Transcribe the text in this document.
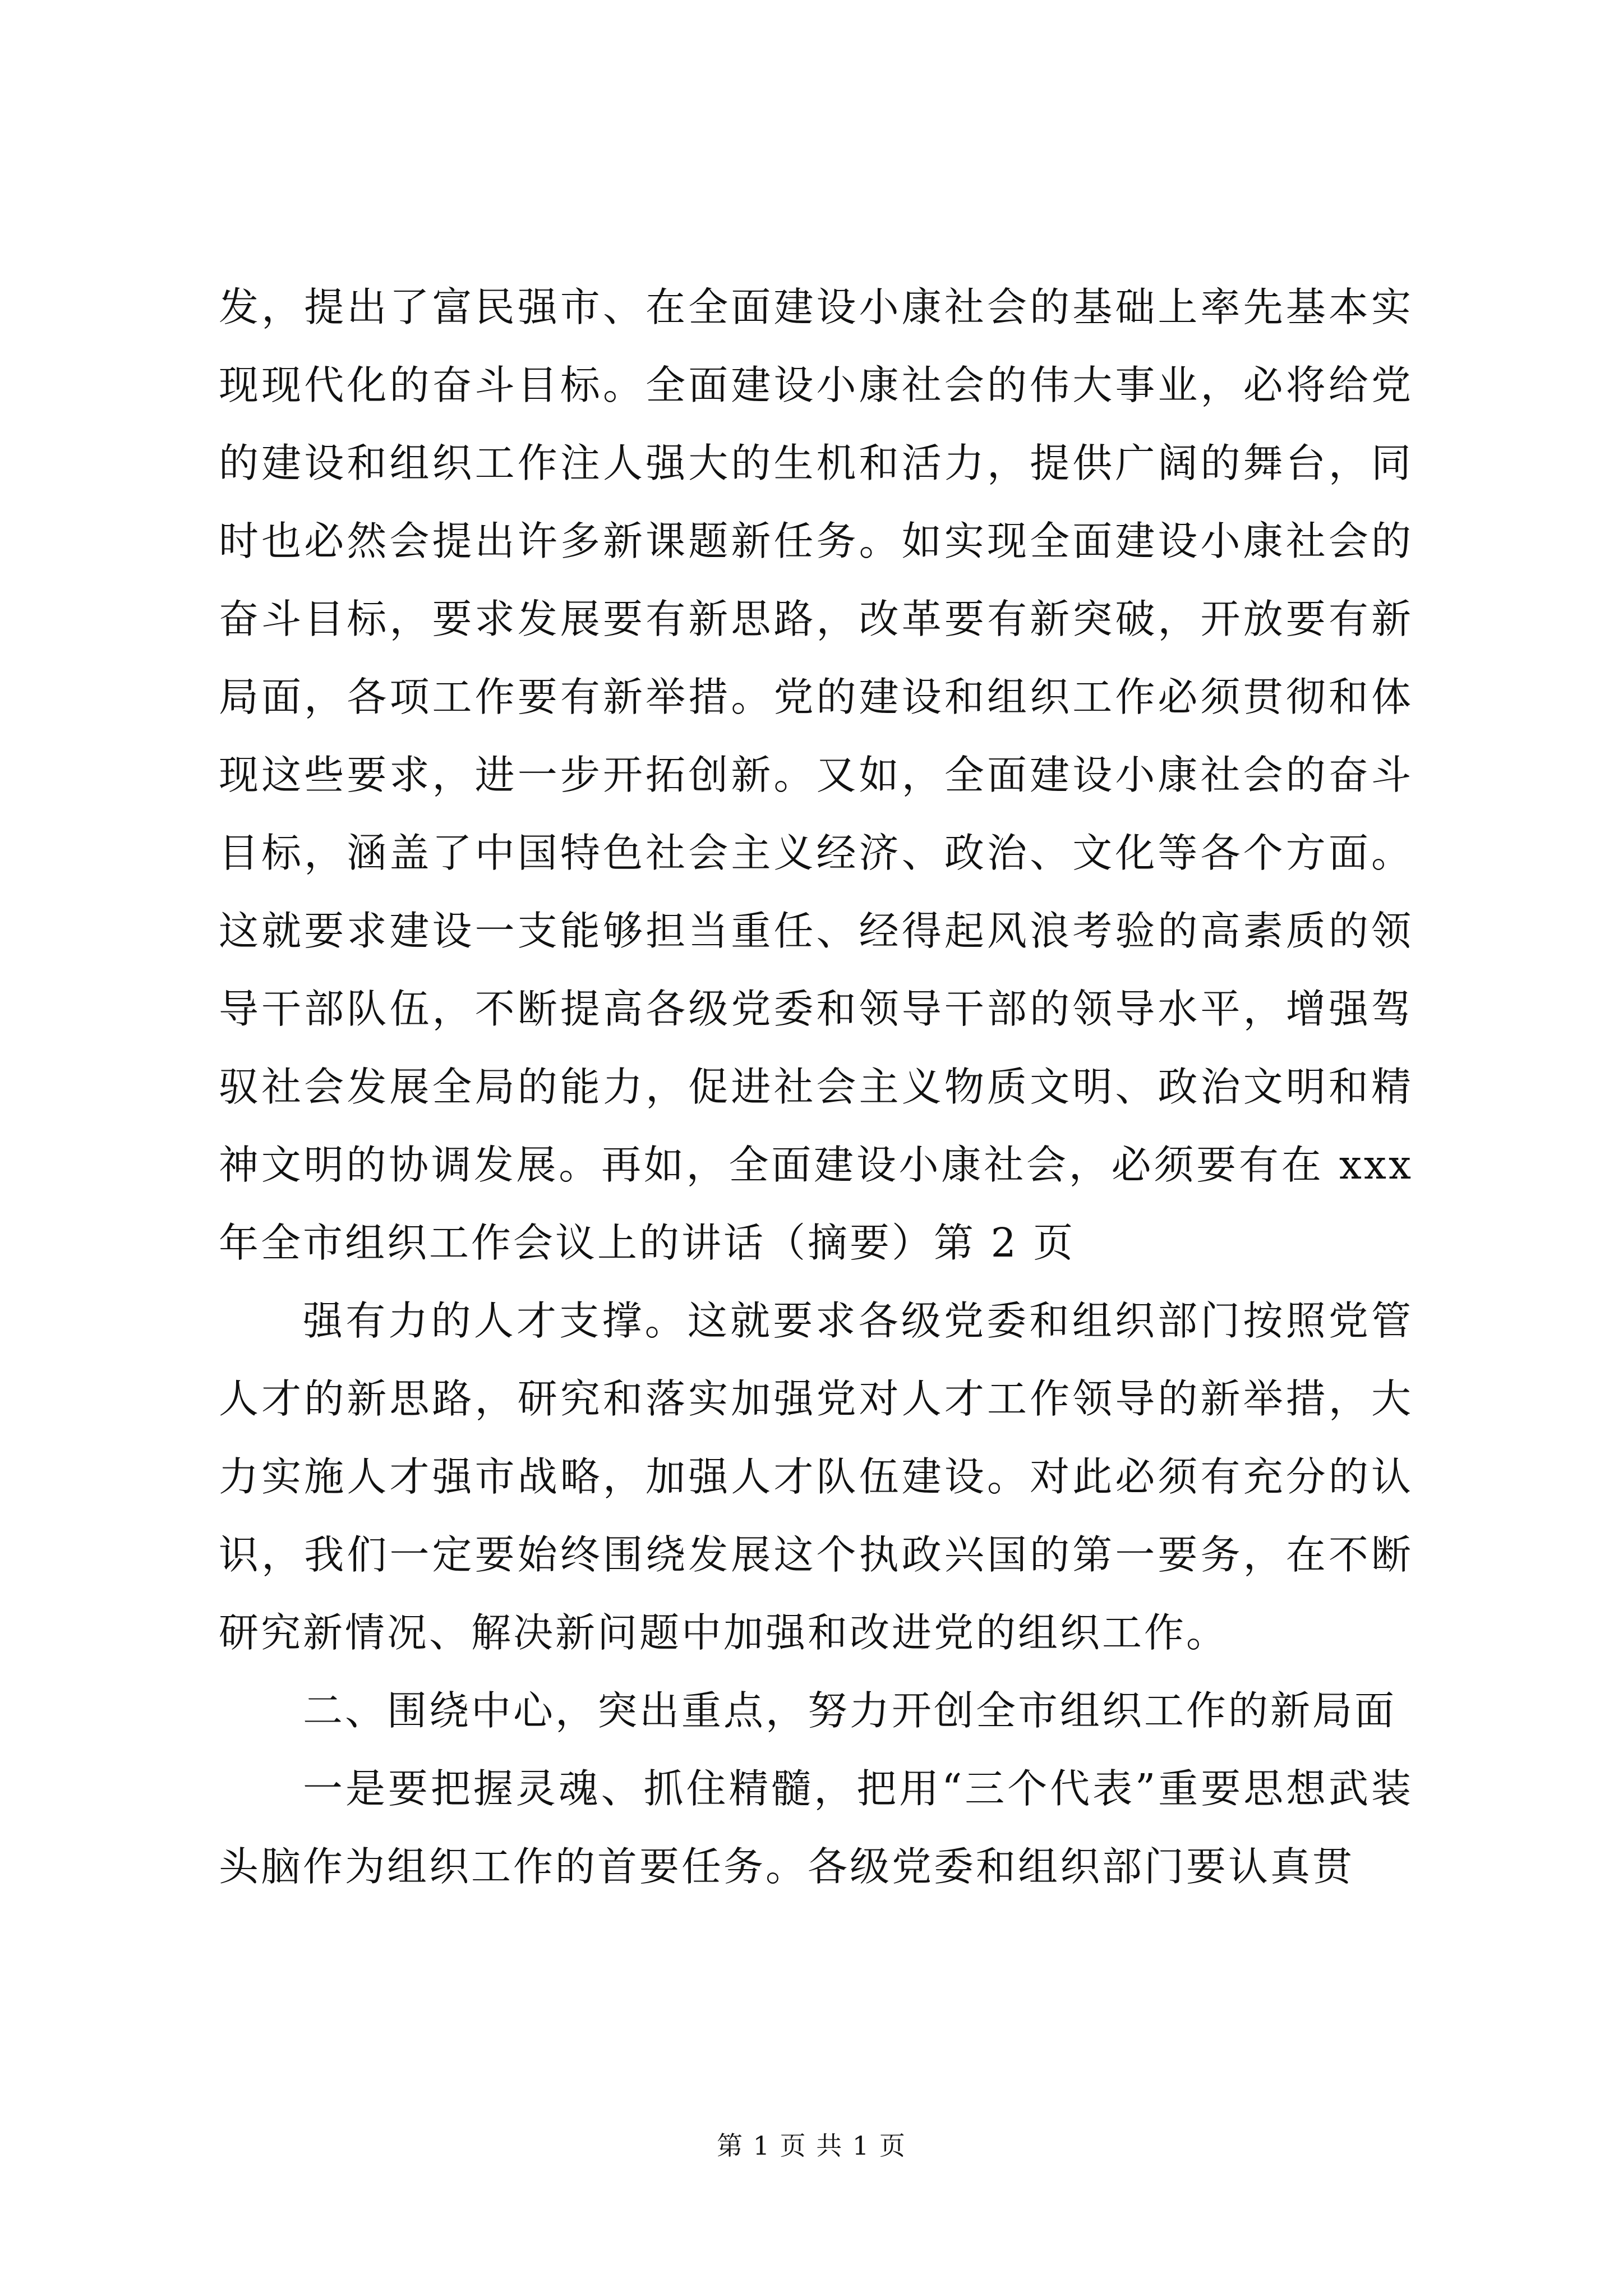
发，提出了富民强市、在全面建设小康社会的基础上率先基本实现现代化的奋斗目标。全面建设小康社会的伟大事业，必将给党的建设和组织工作注人强大的生机和活力，提供广阔的舞台，同时也必然会提出许多新课题新任务。如实现全面建设小康社会的奋斗目标，要求发展要有新思路，改革要有新突破，开放要有新局面，各项工作要有新举措。党的建设和组织工作必须贯彻和体现这些要求，进一步开拓创新。又如，全面建设小康社会的奋斗目标，涵盖了中国特色社会主义经济、政治、文化等各个方面。这就要求建设一支能够担当重任、经得起风浪考验的高素质的领导干部队伍，不断提高各级党委和领导干部的领导水平，增强驾驭社会发展全局的能力，促进社会主义物质文明、政治文明和精神文明的协调发展。再如，全面建设小康社会，必须要有在 xxx 年全市组织工作会议上的讲话（摘要）第 2 页

强有力的人才支撑。这就要求各级党委和组织部门按照党管人才的新思路，研究和落实加强党对人才工作领导的新举措，大力实施人才强市战略，加强人才队伍建设。对此必须有充分的认识，我们一定要始终围绕发展这个执政兴国的第一要务，在不断研究新情况、解决新问题中加强和改进党的组织工作。

二、围绕中心，突出重点，努力开创全市组织工作的新局面

一是要把握灵魂、抓住精髓，把用“三个代表”重要思想武装头脑作为组织工作的首要任务。各级党委和组织部门要认真贯

第 1 页 共 1 页
